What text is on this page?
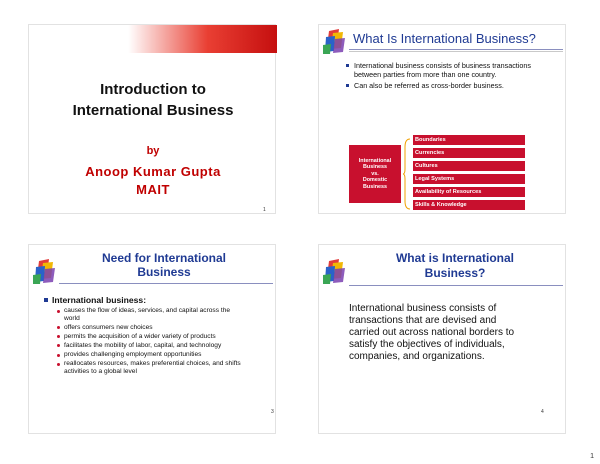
Introduction to
International Business
by
Anoop Kumar Gupta
MAIT
1
What Is International Business?
International business consists of business transactions between parties from more than one country.
Can also be referred as cross-border business.
International
Business
vs.
Domestic
Business
Boundaries
Currencies
Cultures
Legal Systems
Availability of Resources
Skills & Knowledge
Need for International
Business
International business:
causes the flow of ideas, services, and capital across the world
offers consumers new choices
permits the acquisition of a wider variety of products
facilitates the mobility of labor, capital, and technology
provides challenging employment opportunities
reallocates resources, makes preferential choices, and shifts activities to a global level
3
What is International
Business?
International business consists of transactions that are devised and carried out across national borders to satisfy the objectives of individuals, companies, and organizations.
4
1
